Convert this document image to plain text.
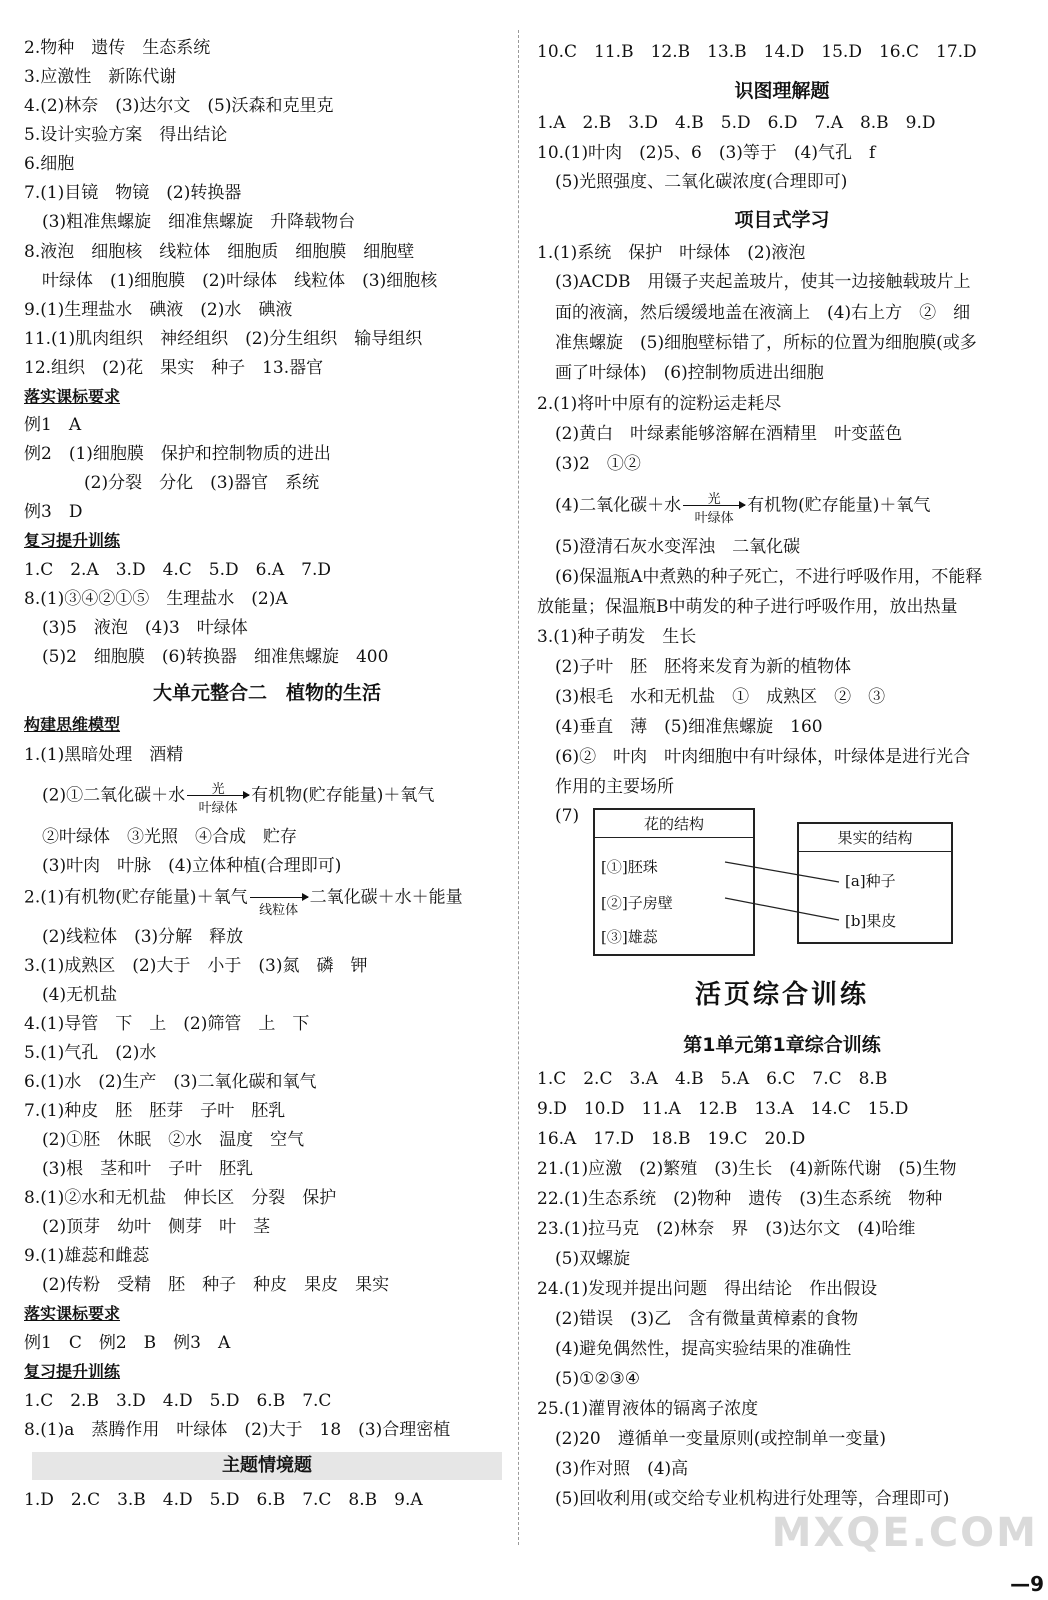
2.物种　遗传　生态系统
3.应激性　新陈代谢
4.(2)林奈　(3)达尔文　(5)沃森和克里克
5.设计实验方案　得出结论
6.细胞
7.(1)目镜　物镜　(2)转换器
(3)粗准焦螺旋　细准焦螺旋　升降载物台
8.液泡　细胞核　线粒体　细胞质　细胞膜　细胞壁
叶绿体　(1)细胞膜　(2)叶绿体　线粒体　(3)细胞核
9.(1)生理盐水　碘液　(2)水　碘液
11.(1)肌肉组织　神经组织　(2)分生组织　输导组织
12.组织　(2)花　果实　种子　13.器官
落实课标要求
例1　A
例2　(1)细胞膜　保护和控制物质的进出
(2)分裂　分化　(3)器官　系统
例3　D
复习提升训练
1.C　2.A　3.D　4.C　5.D　6.A　7.D
8.(1)③④②①⑤　生理盐水　(2)A
(3)5　液泡　(4)3　叶绿体
(5)2　细胞膜　(6)转换器　细准焦螺旋　400
大单元整合二　植物的生活
构建思维模型
1.(1)黑暗处理　酒精
(2)①二氧化碳＋水	光
叶绿体
有机物(贮存能量)＋氧气
②叶绿体　③光照　④合成　贮存
(3)叶肉　叶脉　(4)立体种植(合理即可)
2.(1)有机物(贮存能量)＋氧气
线粒体
二氧化碳＋水＋能量
(2)线粒体　(3)分解　释放
3.(1)成熟区　(2)大于　小于　(3)氮　磷　钾
(4)无机盐
4.(1)导管　下　上　(2)筛管　上　下
5.(1)气孔　(2)水
6.(1)水　(2)生产　(3)二氧化碳和氧气
7.(1)种皮　胚　胚芽　子叶　胚乳
(2)①胚　休眠　②水　温度　空气
(3)根　茎和叶　子叶　胚乳
8.(1)②水和无机盐　伸长区　分裂　保护
(2)顶芽　幼叶　侧芽　叶　茎
9.(1)雄蕊和雌蕊
(2)传粉　受精　胚　种子　种皮　果皮　果实
落实课标要求
例1　C　例2　B　例3　A
复习提升训练
1.C　2.B　3.D　4.D　5.D　6.B　7.C
8.(1)a　蒸腾作用　叶绿体　(2)大于　18　(3)合理密植
主题情境题
1.D　2.C　3.B　4.D　5.D　6.B　7.C　8.B　9.A
10.C　11.B　12.B　13.B　14.D　15.D　16.C　17.D
识图理解题
1.A　2.B　3.D　4.B　5.D　6.D　7.A　8.B　9.D
10.(1)叶肉　(2)5、6　(3)等于　(4)气孔　f
(5)光照强度、二氧化碳浓度(合理即可)
项目式学习
1.(1)系统　保护　叶绿体　(2)液泡
(3)ACDB　用镊子夹起盖玻片，使其一边接触载玻片上
面的液滴，然后缓缓地盖在液滴上　(4)右上方　②　细
准焦螺旋　(5)细胞壁标错了，所标的位置为细胞膜(或多
画了叶绿体)　(6)控制物质进出细胞
2.(1)将叶中原有的淀粉运走耗尽
(2)黄白　叶绿素能够溶解在酒精里　叶变蓝色
(3)2　①②
(4)二氧化碳＋水	光
叶绿体
有机物(贮存能量)＋氧气
(5)澄清石灰水变浑浊　二氧化碳
(6)保温瓶A中煮熟的种子死亡，不进行呼吸作用，不能释
放能量；保温瓶B中萌发的种子进行呼吸作用，放出热量
3.(1)种子萌发　生长
(2)子叶　胚　胚将来发育为新的植物体
(3)根毛　水和无机盐　①　成熟区　②　③
(4)垂直　薄　(5)细准焦螺旋　160
(6)②　叶肉　叶肉细胞中有叶绿体，叶绿体是进行光合
作用的主要场所
(7)	花的结构
[①]胚珠
[②]子房壁
[③]雄蕊
果实的结构
[a]种子
[b]果皮
活页综合训练
第1单元第1章综合训练
1.C　2.C　3.A　4.B　5.A　6.C　7.C　8.B
9.D　10.D　11.A　12.B　13.A　14.C　15.D
16.A　17.D　18.B　19.C　20.D
21.(1)应激　(2)繁殖　(3)生长　(4)新陈代谢　(5)生物
22.(1)生态系统　(2)物种　遗传　(3)生态系统　物种
23.(1)拉马克　(2)林奈　界　(3)达尔文　(4)哈维
(5)双螺旋
24.(1)发现并提出问题　得出结论　作出假设
(2)错误　(3)乙　含有微量黄樟素的食物
(4)避免偶然性，提高实验结果的准确性
(5)①②③④
25.(1)灌胃液体的镉离子浓度
(2)20　遵循单一变量原则(或控制单一变量)
(3)作对照　(4)高
(5)回收利用(或交给专业机构进行处理等，合理即可)
MXQE.COM
—9
